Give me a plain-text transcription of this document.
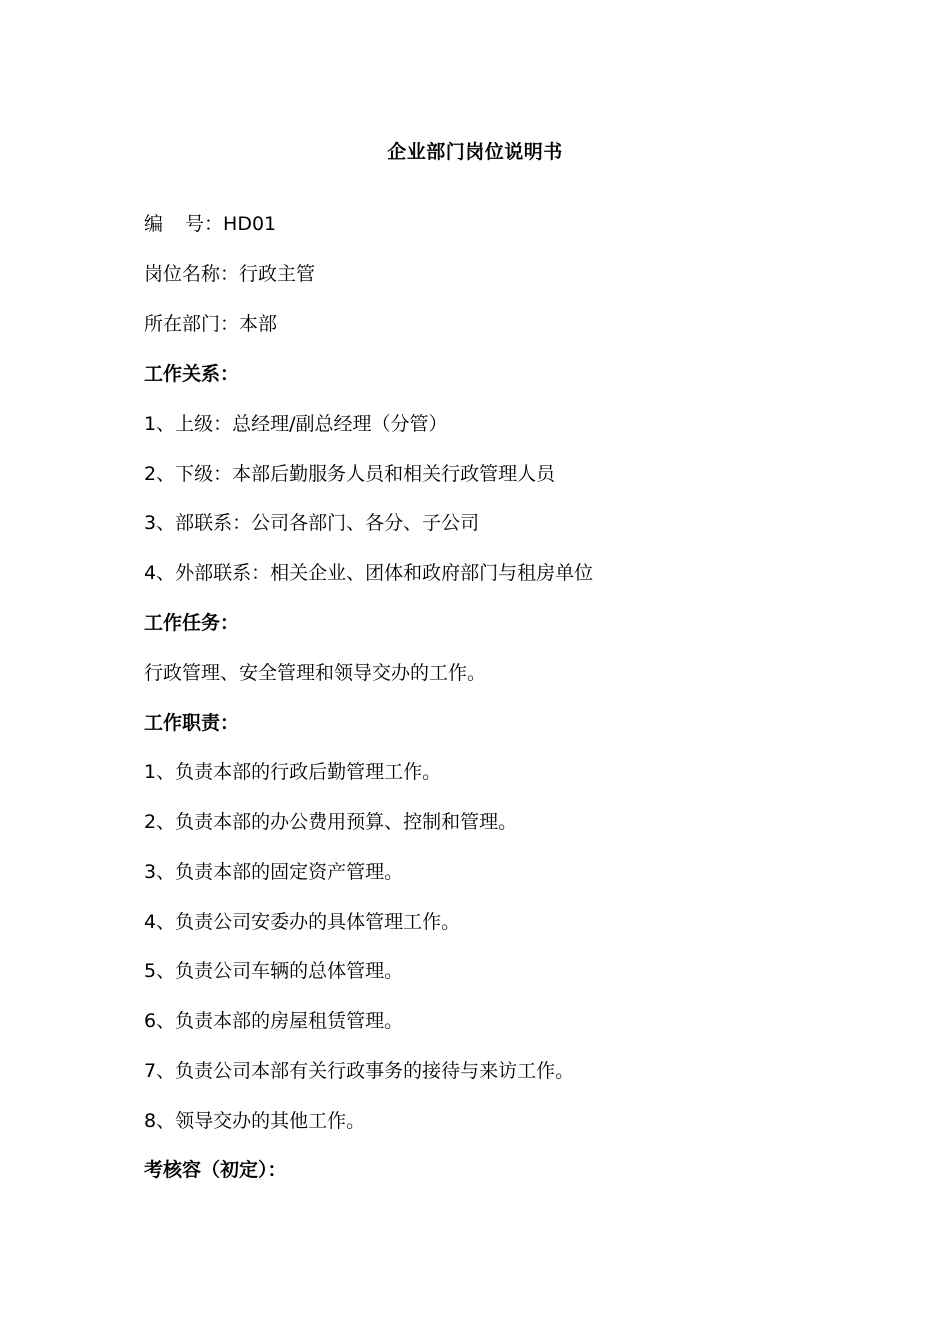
企业部门岗位说明书
编 号：HD01
岗位名称：行政主管
所在部门：本部
工作关系：
1、上级：总经理/副总经理（分管）
2、下级：本部后勤服务人员和相关行政管理人员
3、部联系：公司各部门、各分、子公司
4、外部联系：相关企业、团体和政府部门与租房单位
工作任务：
行政管理、安全管理和领导交办的工作。
工作职责：
1、负责本部的行政后勤管理工作。
2、负责本部的办公费用预算、控制和管理。
3、负责本部的固定资产管理。
4、负责公司安委办的具体管理工作。
5、负责公司车辆的总体管理。
6、负责本部的房屋租赁管理。
7、负责公司本部有关行政事务的接待与来访工作。
8、领导交办的其他工作。
考核容（初定）：
